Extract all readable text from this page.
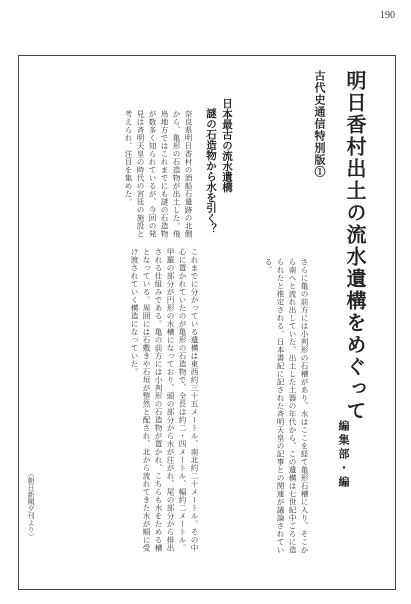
190
古代史通信特別版① 明日香村出土の流水遺構をめぐって
編集部・編
日本最古の流水遺構
謎の石造物から水を引く？
奈良県明日香村の酒船石遺跡の北側から、亀形の石造物が出土した。飛鳥地方ではこれまでにも謎の石造物が数多く知られているが、今回の発見は斉明天皇の時代の宮廷の施設と考えられ、注目を集めた。
これまでに分かっている遺構は東西約三十五メートル、南北約二十メートル。その中心に置かれていたのが亀形の石造物で、全長は約二・四メートル、幅約二メートル。甲羅の部分が円形の水槽になっており、頭の部分から水が注がれ、尾の部分から排出される仕組みである。亀の前方には小判形の石造物が置かれ、こちらも水をためる槽となっている。周囲には石敷きや石垣が整然と配され、北から流れてきた水が順に受け渡されていく構造になっていた。	さらに亀の前方には小判形の石槽があり、水はここを経て亀形石槽に入り、そこから南へと流れ出していた。出土した土器の年代から、この遺構は七世紀中ごろに造られたと推定される。日本書紀に記された斉明天皇の記事との関連が議論されている。
（朝日新聞夕刊より）
